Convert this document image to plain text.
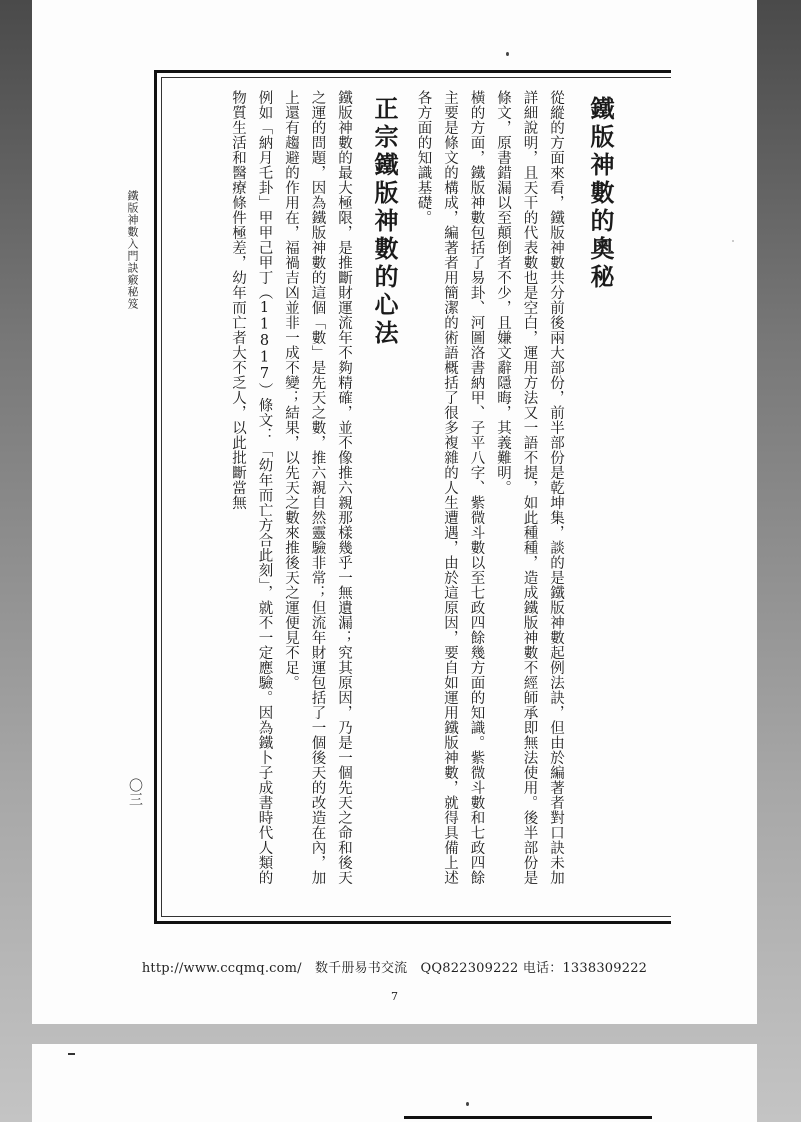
鐵版神數的奧秘

從縱的方面來看，鐵版神數共分前後兩大部份，前半部份是乾坤集，談的是鐵版神數起例法訣，但由於編著者對口訣未加詳細說明，且天干的代表數也是空白，運用方法又一語不提，如此種種，造成鐵版神數不經師承即無法使用。後半部份是條文，原書錯漏以至顛倒者不少，且嫌文辭隱晦，其義難明。

橫的方面，鐵版神數包括了易卦、河圖洛書納甲、子平八字、紫微斗數以至七政四餘幾方面的知識。紫微斗數和七政四餘主要是條文的構成，編著者用簡潔的術語概括了很多複雜的人生遭遇，由於這原因，要自如運用鐵版神數，就得具備上述各方面的知識基礎。

正宗鐵版神數的心法

鐵版神數的最大極限，是推斷財運流年不夠精確，並不像推六親那樣幾乎一無遺漏；究其原因，乃是一個先天之命和後天之運的問題，因為鐵版神數的這個「數」是先天之數，推六親自然靈驗非常；但流年財運包括了一個後天的改造在內，加上還有趨避的作用在，福禍吉凶並非一成不變；結果，以先天之數來推後天之運便見不足。

例如「納月乇卦」甲甲己甲丁（11817）條文：「幼年而亡方合此刻」，就不一定應驗。因為鐵卜子成書時代人類的物質生活和醫療條件極差，幼年而亡者大不乏人，以此批斷當無

鐵版神數入門訣竅秘笈
〇三
http://www.ccqmq.com/　数千册易书交流　QQ822309222 电话：1338309222
7
